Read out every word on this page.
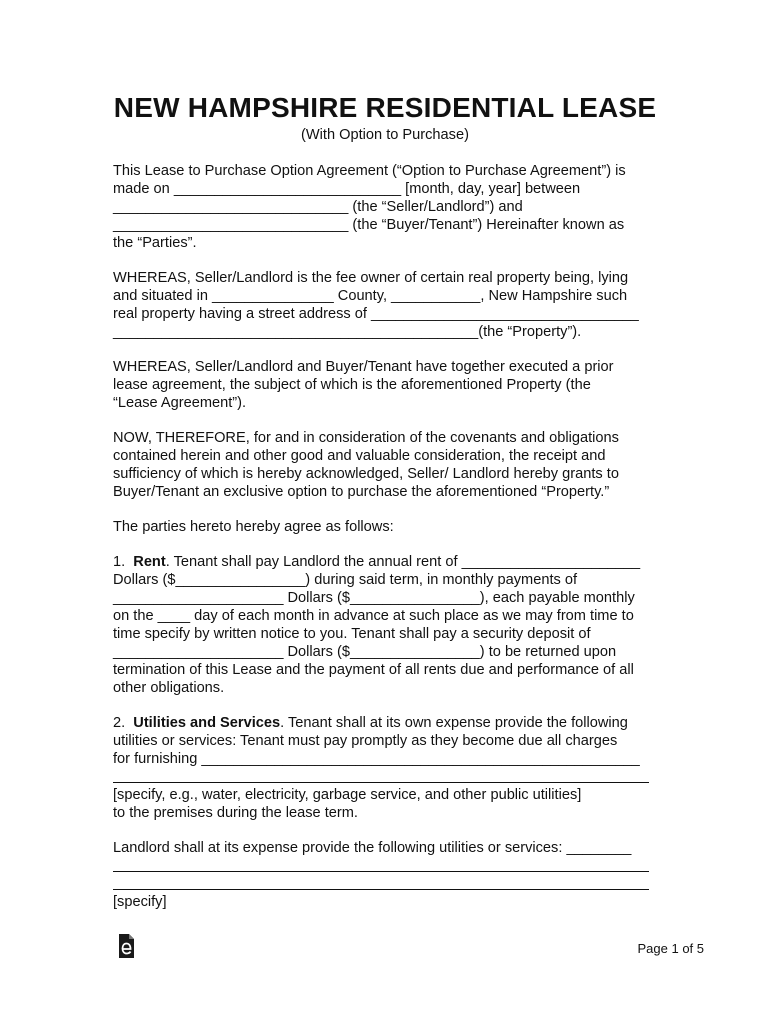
NEW HAMPSHIRE RESIDENTIAL LEASE
(With Option to Purchase)
This Lease to Purchase Option Agreement (“Option to Purchase Agreement”) is
made on ____________________________ [month, day, year] between
_____________________________ (the “Seller/Landlord”) and
_____________________________ (the “Buyer/Tenant”) Hereinafter known as
the “Parties”.
WHEREAS, Seller/Landlord is the fee owner of certain real property being, lying
and situated in _______________ County, ___________, New Hampshire such
real property having a street address of _________________________________
_____________________________________________(the “Property”).
WHEREAS, Seller/Landlord and Buyer/Tenant have together executed a prior
lease agreement, the subject of which is the aforementioned Property (the
“Lease Agreement”).
NOW, THEREFORE, for and in consideration of the covenants and obligations
contained herein and other good and valuable consideration, the receipt and
sufficiency of which is hereby acknowledged, Seller/ Landlord hereby grants to
Buyer/Tenant an exclusive option to purchase the aforementioned “Property.”
The parties hereto hereby agree as follows:
1.  Rent. Tenant shall pay Landlord the annual rent of ______________________
Dollars ($________________) during said term, in monthly payments of
_____________________ Dollars ($________________), each payable monthly
on the ____ day of each month in advance at such place as we may from time to
time specify by written notice to you. Tenant shall pay a security deposit of
_____________________ Dollars ($________________) to be returned upon
termination of this Lease and the payment of all rents due and performance of all
other obligations.
2.  Utilities and Services. Tenant shall at its own expense provide the following
utilities or services: Tenant must pay promptly as they become due all charges
for furnishing ______________________________________________________
[specify, e.g., water, electricity, garbage service, and other public utilities]
to the premises during the lease term.
Landlord shall at its expense provide the following utilities or services: ________
[specify]
Page 1 of 5
